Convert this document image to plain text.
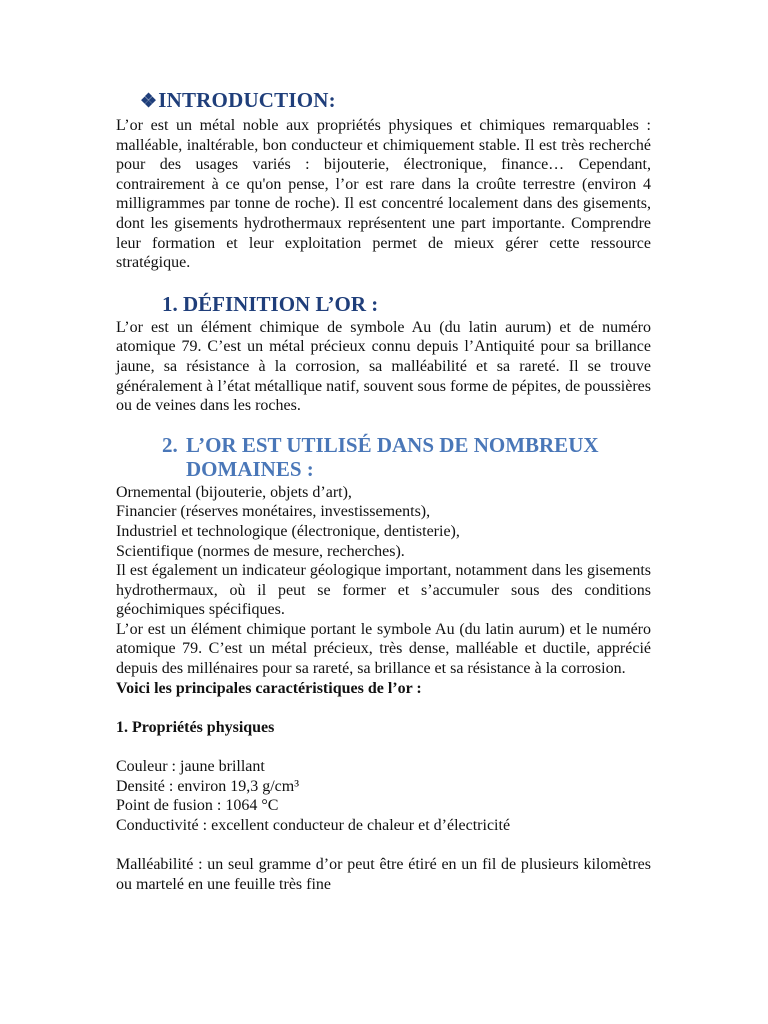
❖INTRODUCTION:

L’or est un métal noble aux propriétés physiques et chimiques remarquables : malléable, inaltérable, bon conducteur et chimiquement stable. Il est très recherché pour des usages variés : bijouterie, électronique, finance… Cependant, contrairement à ce qu'on pense, l’or est rare dans la croûte terrestre (environ 4 milligrammes par tonne de roche). Il est concentré localement dans des gisements, dont les gisements hydrothermaux représentent une part importante. Comprendre leur formation et leur exploitation permet de mieux gérer cette ressource stratégique.

1. DÉFINITION L’OR :

L’or est un élément chimique de symbole Au (du latin aurum) et de numéro atomique 79. C’est un métal précieux connu depuis l’Antiquité pour sa brillance jaune, sa résistance à la corrosion, sa malléabilité et sa rareté. Il se trouve généralement à l’état métallique natif, souvent sous forme de pépites, de poussières ou de veines dans les roches.

2. L’OR EST UTILISÉ DANS DE NOMBREUX DOMAINES :

Ornemental (bijouterie, objets d’art),

Financier (réserves monétaires, investissements),

Industriel et technologique (électronique, dentisterie),

Scientifique (normes de mesure, recherches).

Il est également un indicateur géologique important, notamment dans les gisements hydrothermaux, où il peut se former et s’accumuler sous des conditions géochimiques spécifiques.

L’or est un élément chimique portant le symbole Au (du latin aurum) et le numéro atomique 79. C’est un métal précieux, très dense, malléable et ductile, apprécié depuis des millénaires pour sa rareté, sa brillance et sa résistance à la corrosion.

Voici les principales caractéristiques de l’or :

1. Propriétés physiques

Couleur : jaune brillant

Densité : environ 19,3 g/cm³

Point de fusion : 1064 °C

Conductivité : excellent conducteur de chaleur et d’électricité

Malléabilité : un seul gramme d’or peut être étiré en un fil de plusieurs kilomètres ou martelé en une feuille très fine
